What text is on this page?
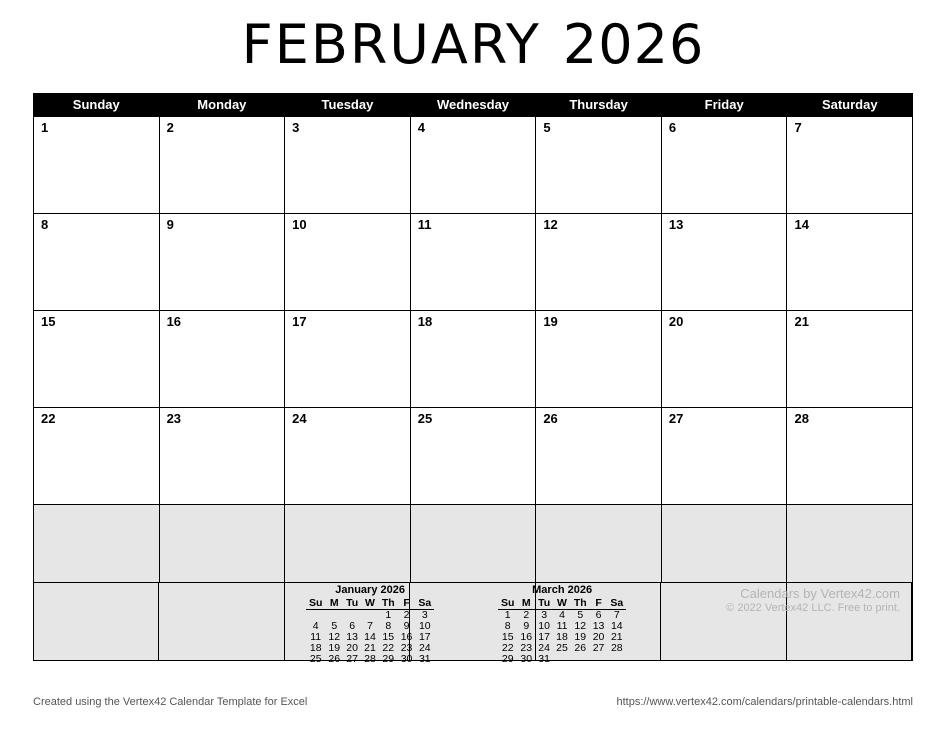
FEBRUARY 2026
Sunday	Monday	Tuesday	Wednesday	Thursday	Friday	Saturday
1	2	3	4	5	6	7
8	9	10	11	12	13	14
15	16	17	18	19	20	21
22	23	24	25	26	27	28
January 2026
Su	M	Tu	W	Th	F	Sa
				1	2	3
4	5	6	7	8	9	10
11	12	13	14	15	16	17
18	19	20	21	22	23	24
25	26	27	28	29	30	31
March 2026
Su	M	Tu	W	Th	F	Sa
1	2	3	4	5	6	7
8	9	10	11	12	13	14
15	16	17	18	19	20	21
22	23	24	25	26	27	28
29	30	31				
Calendars by Vertex42.com
© 2022 Vertex42 LLC. Free to print.
Created using the Vertex42 Calendar Template for Excel	https://www.vertex42.com/calendars/printable-calendars.html
